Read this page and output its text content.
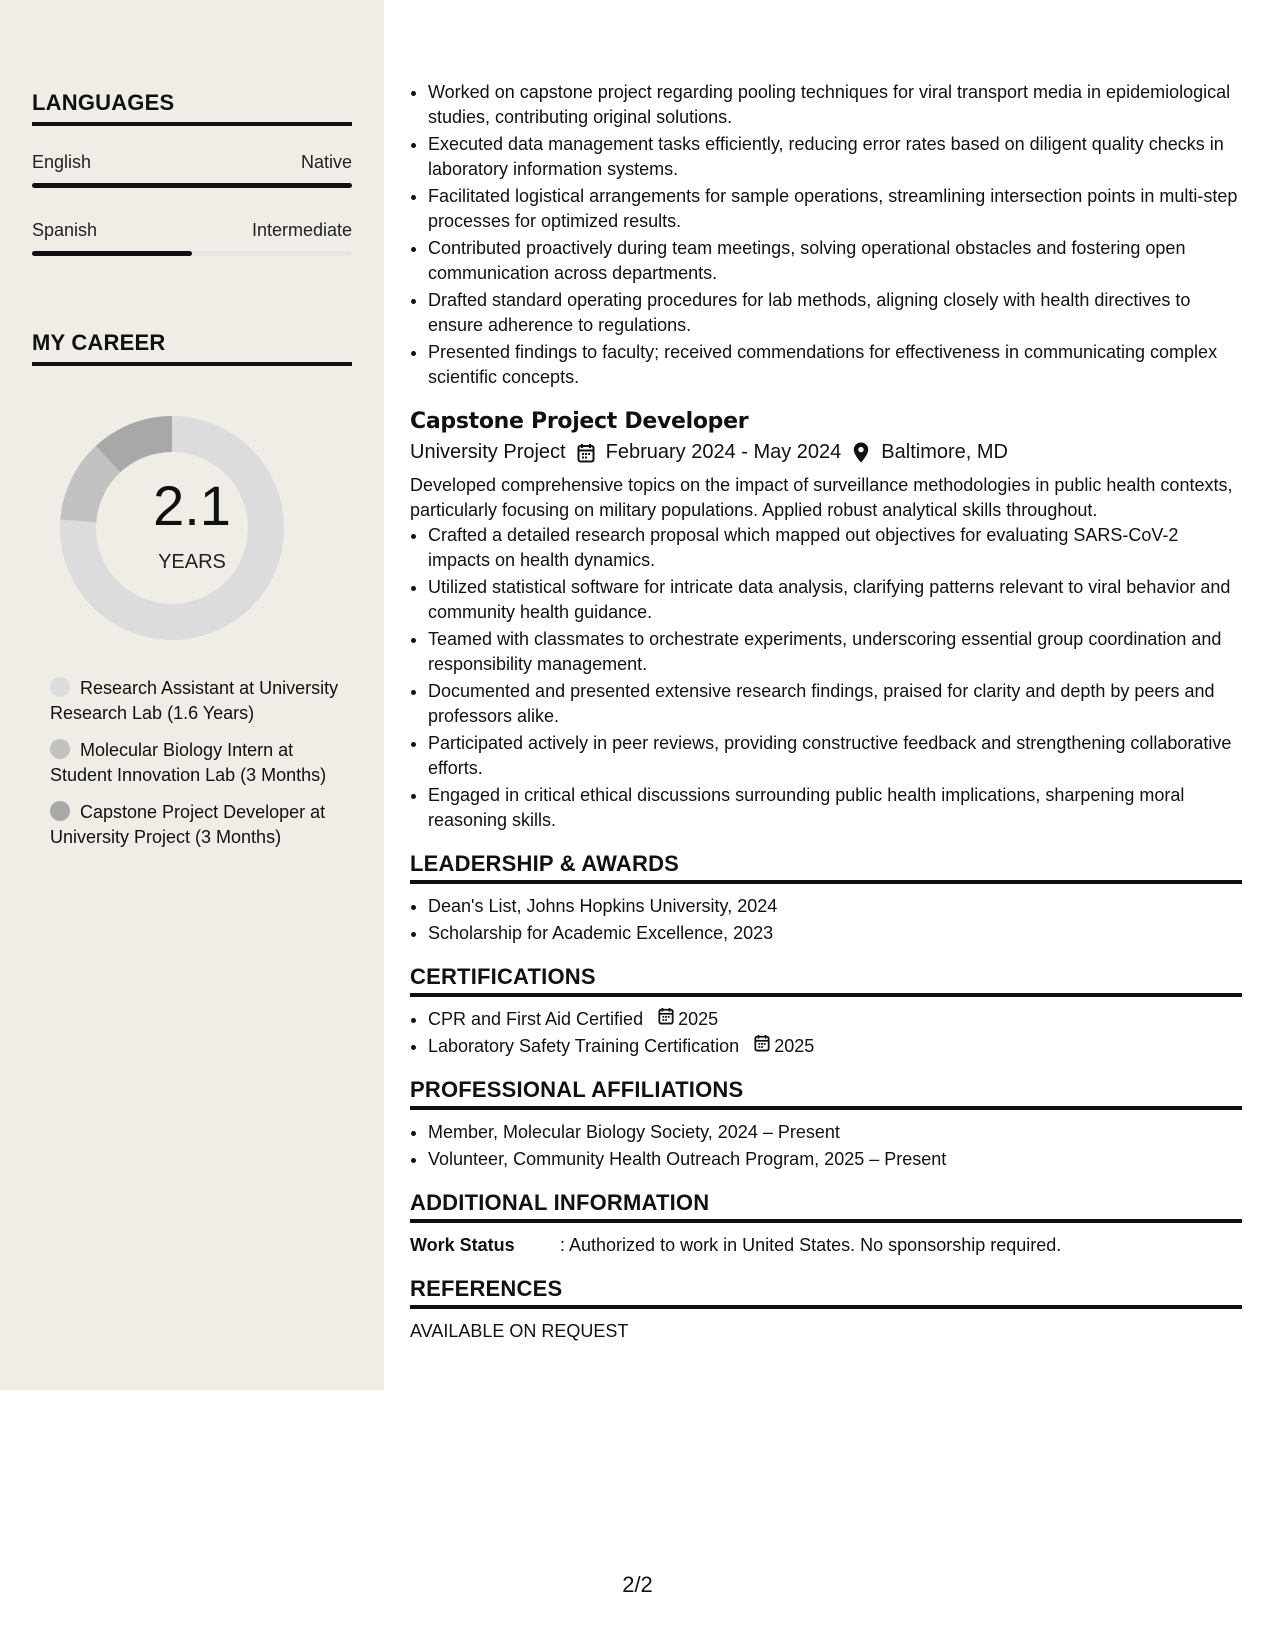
LANGUAGES
English	Native
Spanish	Intermediate
MY CAREER
2.1
YEARS
Research Assistant at University Research Lab (1.6 Years)
Molecular Biology Intern at Student Innovation Lab (3 Months)
Capstone Project Developer at University Project (3 Months)
• Worked on capstone project regarding pooling techniques for viral transport media in epidemiological studies, contributing original solutions.
• Executed data management tasks efficiently, reducing error rates based on diligent quality checks in laboratory information systems.
• Facilitated logistical arrangements for sample operations, streamlining intersection points in multi-step processes for optimized results.
• Contributed proactively during team meetings, solving operational obstacles and fostering open communication across departments.
• Drafted standard operating procedures for lab methods, aligning closely with health directives to ensure adherence to regulations.
• Presented findings to faculty; received commendations for effectiveness in communicating complex scientific concepts.
Capstone Project Developer
University Project February 2024 - May 2024 Baltimore, MD
Developed comprehensive topics on the impact of surveillance methodologies in public health contexts, particularly focusing on military populations. Applied robust analytical skills throughout.
• Crafted a detailed research proposal which mapped out objectives for evaluating SARS-CoV-2 impacts on health dynamics.
• Utilized statistical software for intricate data analysis, clarifying patterns relevant to viral behavior and community health guidance.
• Teamed with classmates to orchestrate experiments, underscoring essential group coordination and responsibility management.
• Documented and presented extensive research findings, praised for clarity and depth by peers and professors alike.
• Participated actively in peer reviews, providing constructive feedback and strengthening collaborative efforts.
• Engaged in critical ethical discussions surrounding public health implications, sharpening moral reasoning skills.
LEADERSHIP & AWARDS
• Dean's List, Johns Hopkins University, 2024
• Scholarship for Academic Excellence, 2023
CERTIFICATIONS
• CPR and First Aid Certified 2025
• Laboratory Safety Training Certification 2025
PROFESSIONAL AFFILIATIONS
• Member, Molecular Biology Society, 2024 – Present
• Volunteer, Community Health Outreach Program, 2025 – Present
ADDITIONAL INFORMATION
Work Status	: Authorized to work in United States. No sponsorship required.
REFERENCES
AVAILABLE ON REQUEST
2/2
